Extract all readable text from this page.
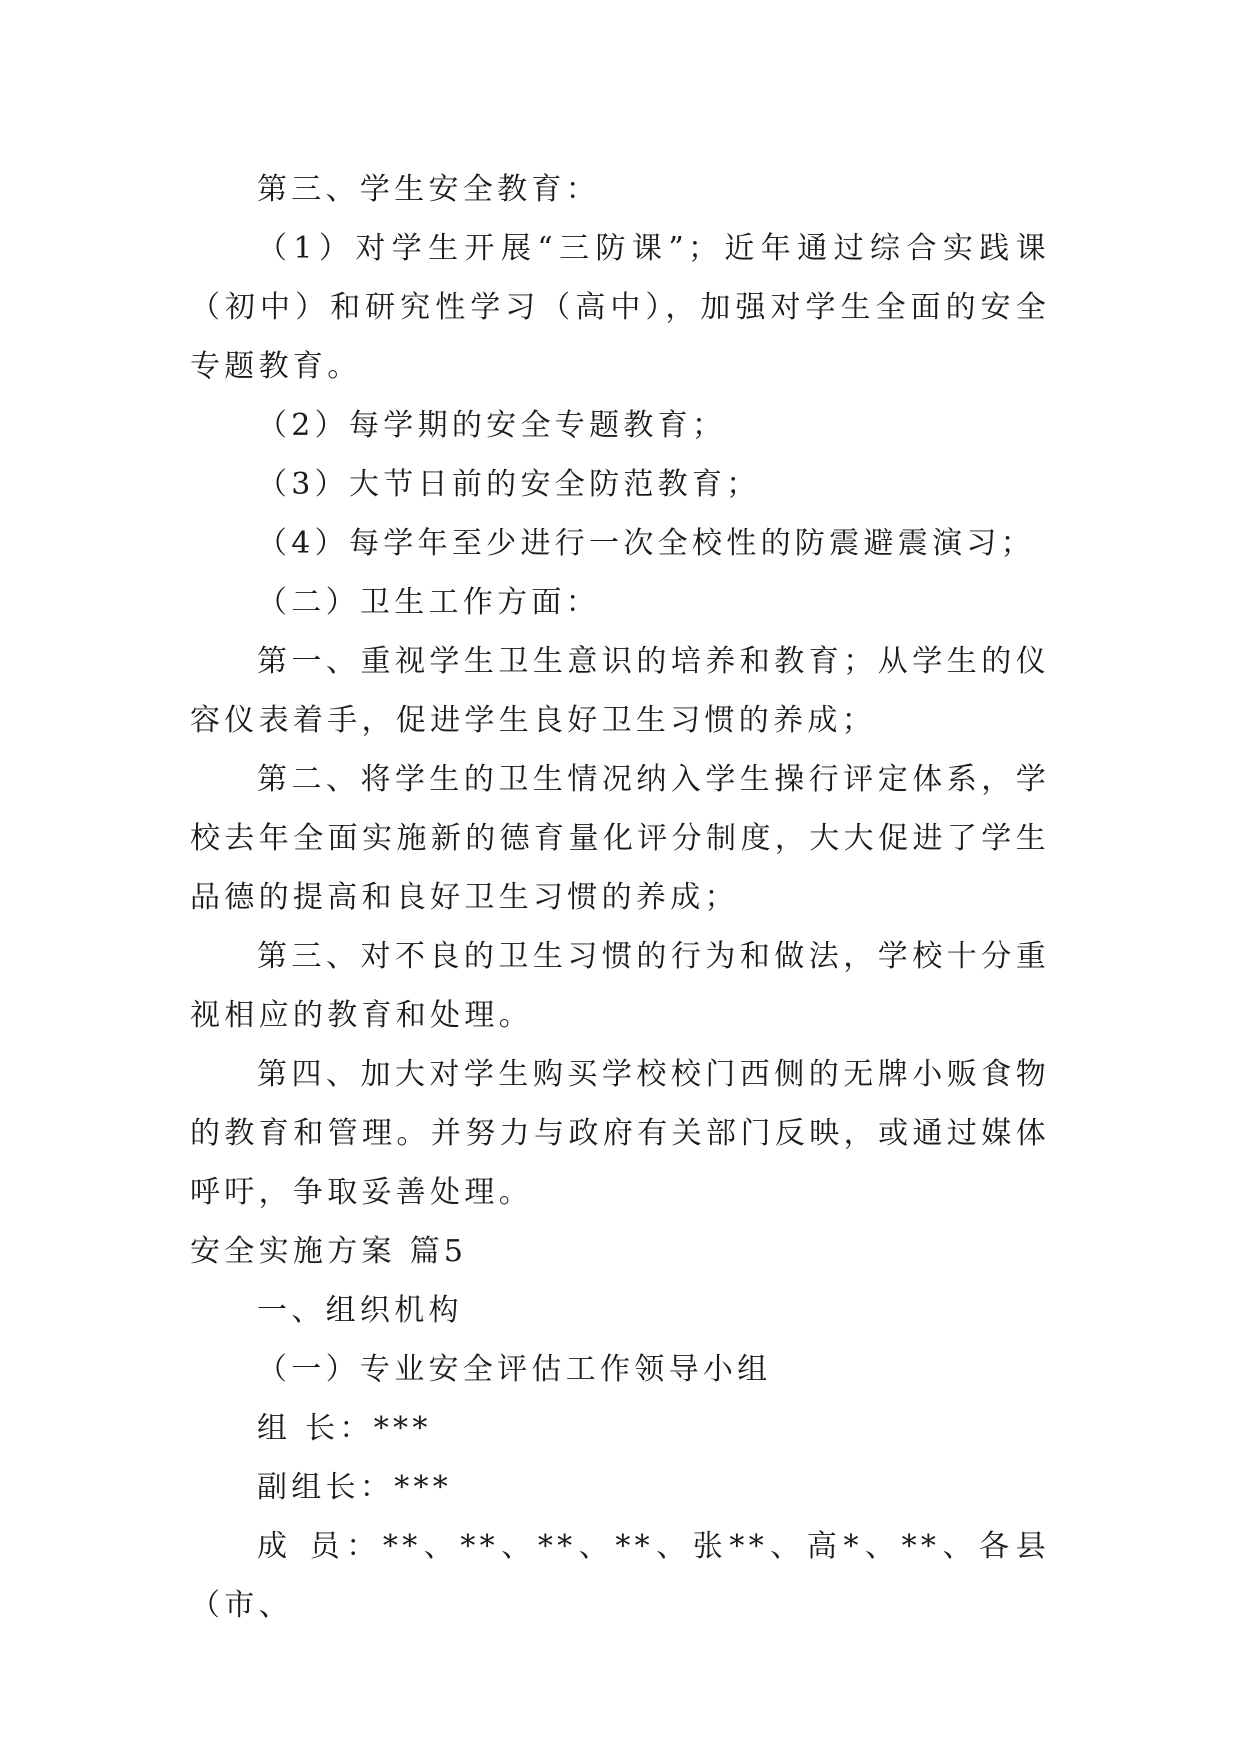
第三、学生安全教育：

（1）对学生开展“三防课”；近年通过综合实践课（初中）和研究性学习（高中），加强对学生全面的安全专题教育。

（2）每学期的安全专题教育；

（3）大节日前的安全防范教育；

（4）每学年至少进行一次全校性的防震避震演习；

（二）卫生工作方面：

第一、重视学生卫生意识的培养和教育；从学生的仪容仪表着手，促进学生良好卫生习惯的养成；

第二、将学生的卫生情况纳入学生操行评定体系，学校去年全面实施新的德育量化评分制度，大大促进了学生品德的提高和良好卫生习惯的养成；

第三、对不良的卫生习惯的行为和做法，学校十分重视相应的教育和处理。

第四、加大对学生购买学校校门西侧的无牌小贩食物的教育和管理。并努力与政府有关部门反映，或通过媒体呼吁，争取妥善处理。

安全实施方案 篇5

一、组织机构

（一）专业安全评估工作领导小组

组 长：***

副组长：***

成 员：**、**、**、**、张**、高*、**、各县（市、
